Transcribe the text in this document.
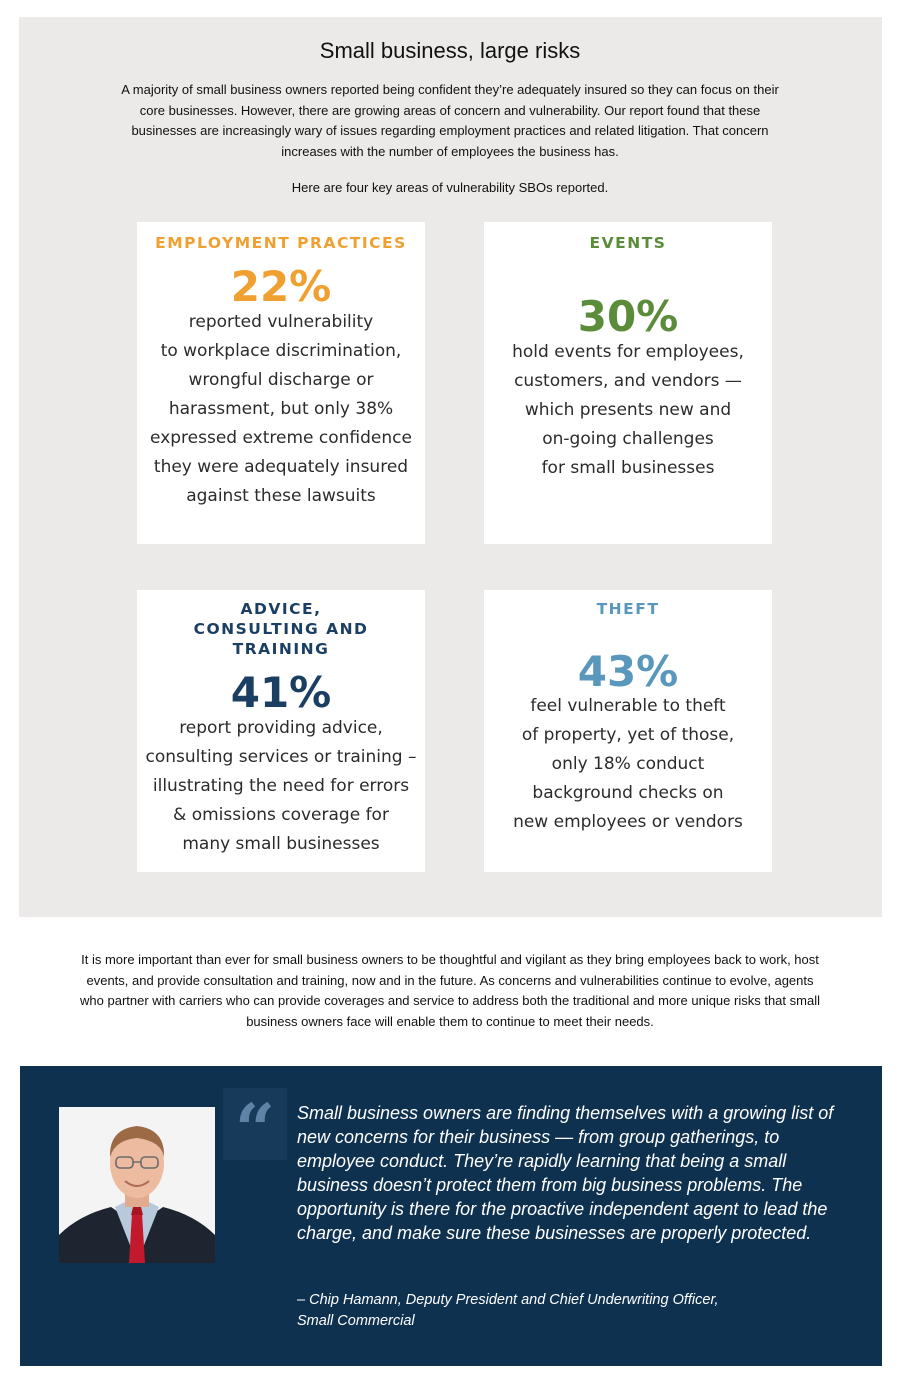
Small business, large risks

A majority of small business owners reported being confident they’re adequately insured so they can focus on their core businesses. However, there are growing areas of concern and vulnerability. Our report found that these businesses are increasingly wary of issues regarding employment practices and related litigation. That concern increases with the number of employees the business has.

Here are four key areas of vulnerability SBOs reported.
EMPLOYMENT PRACTICES
22%
reported vulnerability
to workplace discrimination,
wrongful discharge or
harassment, but only 38%
expressed extreme confidence
they were adequately insured
against these lawsuits
EVENTS
30%
hold events for employees,
customers, and vendors —
which presents new and
on-going challenges
for small businesses
ADVICE, CONSULTING AND TRAINING
41%
report providing advice,
consulting services or training –
illustrating the need for errors
& omissions coverage for
many small businesses
THEFT
43%
feel vulnerable to theft
of property, yet of those,
only 18% conduct
background checks on
new employees or vendors

It is more important than ever for small business owners to be thoughtful and vigilant as they bring employees back to work, host events, and provide consultation and training, now and in the future. As concerns and vulnerabilities continue to evolve, agents who partner with carriers who can provide coverages and service to address both the traditional and more unique risks that small business owners face will enable them to continue to meet their needs.

“	Small business owners are finding themselves with a growing list of new concerns for their business — from group gatherings, to employee conduct. They’re rapidly learning that being a small business doesn’t protect them from big business problems. The opportunity is there for the proactive independent agent to lead the charge, and make sure these businesses are properly protected.

– Chip Hamann, Deputy President and Chief Underwriting Officer,
Small Commercial
